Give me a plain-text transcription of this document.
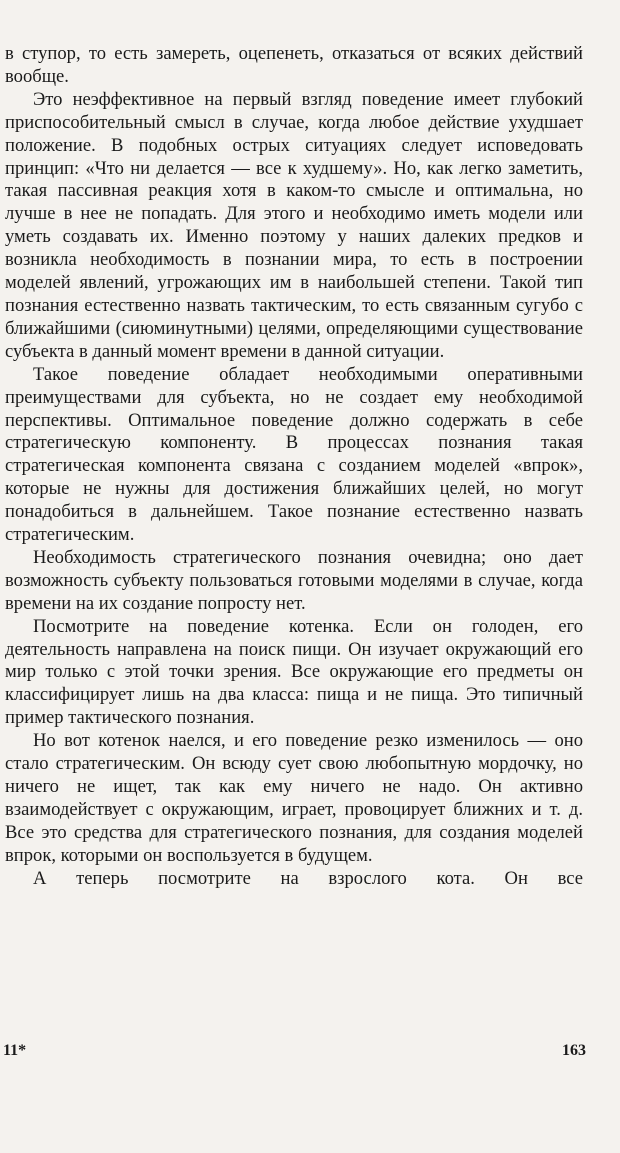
в ступор, то есть замереть, оцепенеть, отказаться от всяких действий вообще.

Это неэффективное на первый взгляд поведение имеет глубокий приспособительный смысл в случае, когда любое действие ухудшает положение. В подобных острых ситуациях следует исповедовать принцип: «Что ни делается — все к худшему». Но, как легко заметить, такая пассивная реакция хотя в каком-то смысле и оптимальна, но лучше в нее не попадать. Для этого и необходимо иметь модели или уметь создавать их. Именно поэтому у наших далеких предков и возникла необходимость в познании мира, то есть в построении моделей явлений, угрожающих им в наибольшей степени. Такой тип познания естественно назвать тактическим, то есть связанным сугубо с ближайшими (сиюминутными) целями, определяющими существование субъекта в данный момент времени в данной ситуации.

Такое поведение обладает необходимыми оперативными преимуществами для субъекта, но не создает ему необходимой перспективы. Оптимальное поведение должно содержать в себе стратегическую компоненту. В процессах познания такая стратегическая компонента связана с созданием моделей «впрок», которые не нужны для достижения ближайших целей, но могут понадобиться в дальнейшем. Такое познание естественно назвать стратегическим.

Необходимость стратегического познания очевидна; оно дает возможность субъекту пользоваться готовыми моделями в случае, когда времени на их создание попросту нет.

Посмотрите на поведение котенка. Если он голоден, его деятельность направлена на поиск пищи. Он изучает окружающий его мир только с этой точки зрения. Все окружающие его предметы он классифицирует лишь на два класса: пища и не пища. Это типичный пример тактического познания.

Но вот котенок наелся, и его поведение резко изменилось — оно стало стратегическим. Он всюду сует свою любопытную мордочку, но ничего не ищет, так как ему ничего не надо. Он активно взаимодействует с окружающим, играет, провоцирует ближних и т. д. Все это средства для стратегического познания, для создания моделей впрок, которыми он воспользуется в будущем.

А теперь посмотрите на взрослого кота. Он все

11*	163
